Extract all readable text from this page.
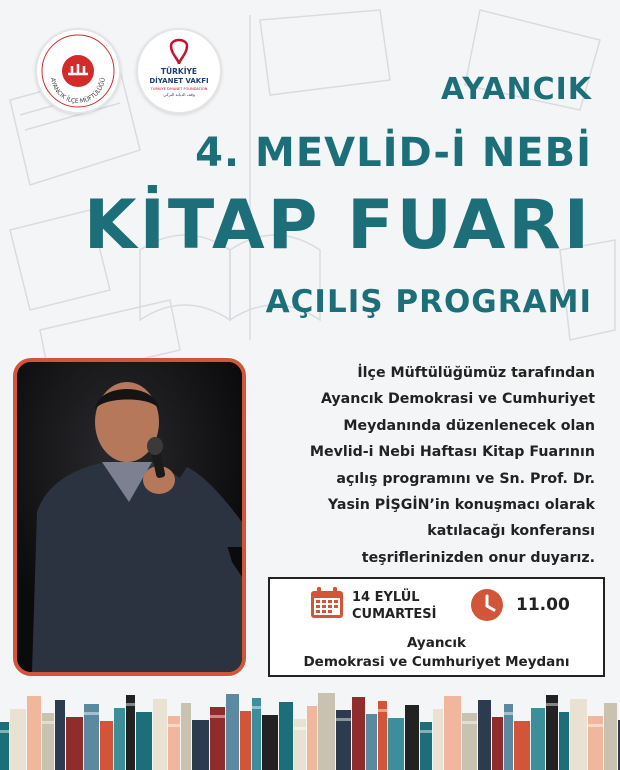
AYANCIK İLÇE MÜFTÜLÜĞÜ
TÜRKİYE
DİYANET VAKFI
TURKIYE DIYANET FOUNDATION
وقف الديانة التركي	AYANCIK
4. MEVLİD-İ NEBİ
KİTAP FUARI
AÇILIŞ PROGRAMI
İlçe Müftülüğümüz tarafından
Ayancık Demokrasi ve Cumhuriyet
Meydanında düzenlenecek olan
Mevlid-i Nebi Haftası Kitap Fuarının
açılış programını ve Sn. Prof. Dr.
Yasin PİŞGİN’in konuşmacı olarak
katılacağı konferansı
teşriflerinizden onur duyarız.
14 EYLÜL
CUMARTESİ	11.00
Ayancık
Demokrasi ve Cumhuriyet Meydanı
